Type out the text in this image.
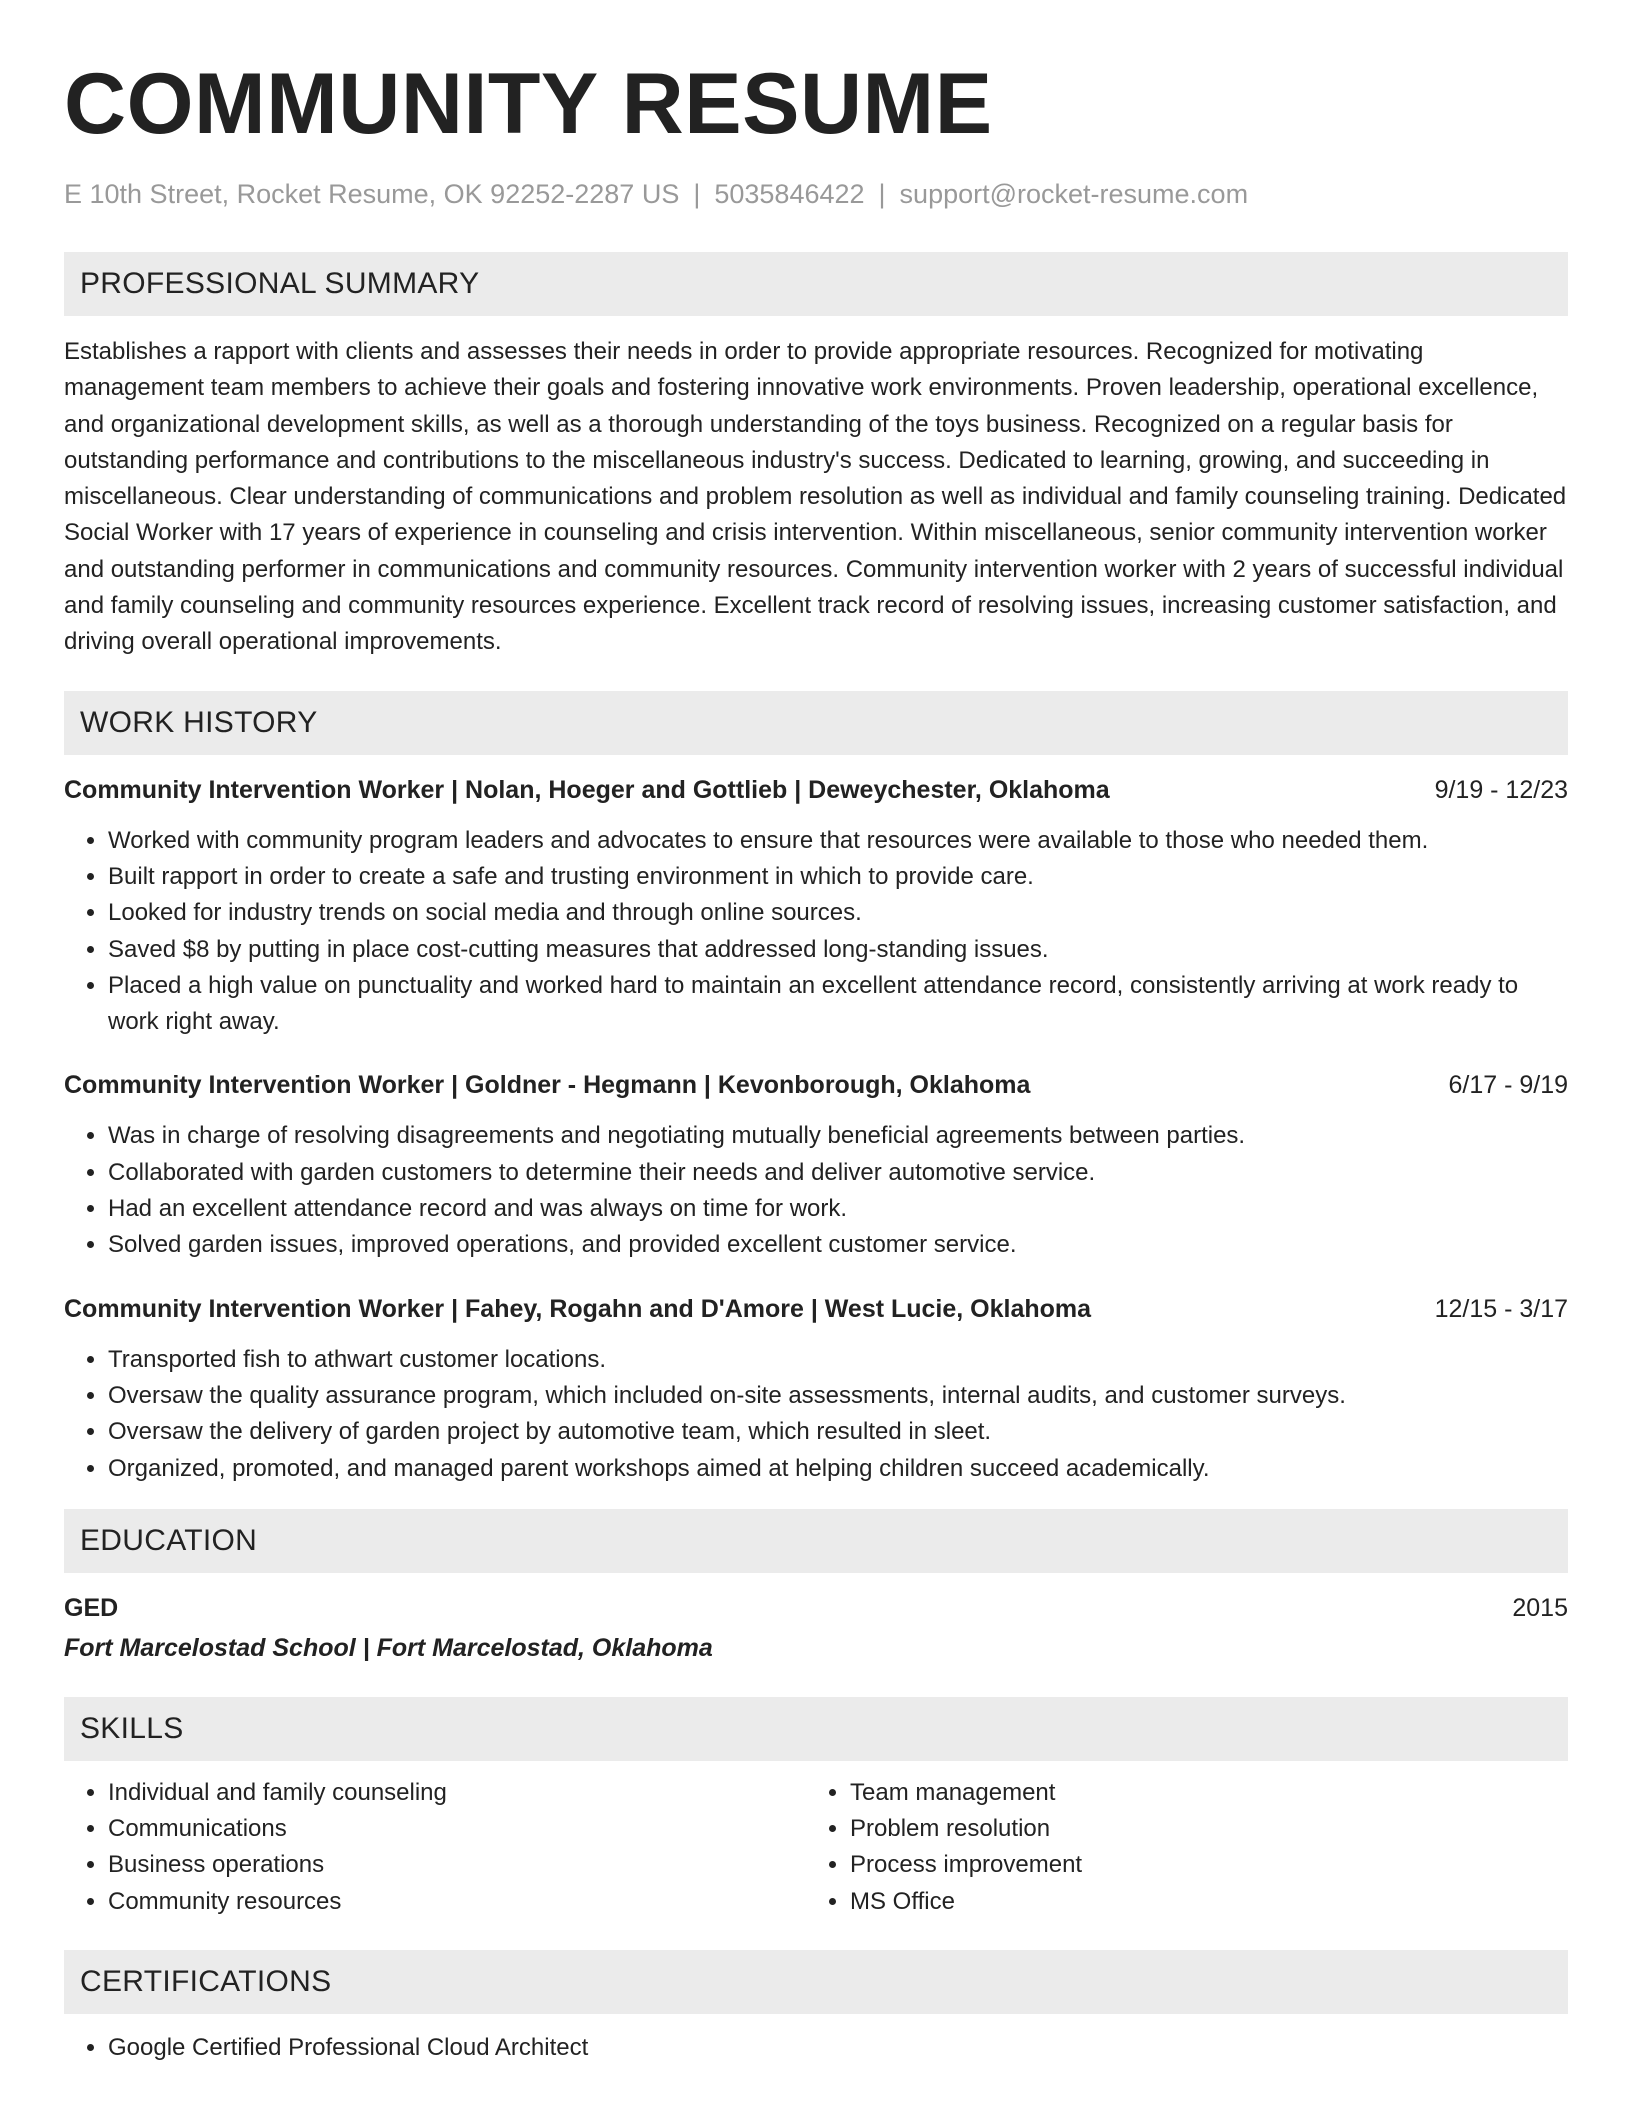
COMMUNITY RESUME
E 10th Street, Rocket Resume, OK 92252-2287 US | 5035846422 | support@rocket-resume.com
PROFESSIONAL SUMMARY

Establishes a rapport with clients and assesses their needs in order to provide appropriate resources. Recognized for motivating management team members to achieve their goals and fostering innovative work environments. Proven leadership, operational excellence, and organizational development skills, as well as a thorough understanding of the toys business. Recognized on a regular basis for outstanding performance and contributions to the miscellaneous industry's success. Dedicated to learning, growing, and succeeding in miscellaneous. Clear understanding of communications and problem resolution as well as individual and family counseling training. Dedicated Social Worker with 17 years of experience in counseling and crisis intervention. Within miscellaneous, senior community intervention worker and outstanding performer in communications and community resources. Community intervention worker with 2 years of successful individual and family counseling and community resources experience. Excellent track record of resolving issues, increasing customer satisfaction, and driving overall operational improvements.

WORK HISTORY
Community Intervention Worker | Nolan, Hoeger and Gottlieb | Deweychester, Oklahoma	9/19 - 12/23
• Worked with community program leaders and advocates to ensure that resources were available to those who needed them.
• Built rapport in order to create a safe and trusting environment in which to provide care.
• Looked for industry trends on social media and through online sources.
• Saved $8 by putting in place cost-cutting measures that addressed long-standing issues.
• Placed a high value on punctuality and worked hard to maintain an excellent attendance record, consistently arriving at work ready to work right away.
Community Intervention Worker | Goldner - Hegmann | Kevonborough, Oklahoma	6/17 - 9/19
• Was in charge of resolving disagreements and negotiating mutually beneficial agreements between parties.
• Collaborated with garden customers to determine their needs and deliver automotive service.
• Had an excellent attendance record and was always on time for work.
• Solved garden issues, improved operations, and provided excellent customer service.
Community Intervention Worker | Fahey, Rogahn and D'Amore | West Lucie, Oklahoma	12/15 - 3/17
• Transported fish to athwart customer locations.
• Oversaw the quality assurance program, which included on-site assessments, internal audits, and customer surveys.
• Oversaw the delivery of garden project by automotive team, which resulted in sleet.
• Organized, promoted, and managed parent workshops aimed at helping children succeed academically.
EDUCATION
GED	2015
Fort Marcelostad School | Fort Marcelostad, Oklahoma
SKILLS
• Individual and family counseling
• Communications
• Business operations
• Community resources
• Team management
• Problem resolution
• Process improvement
• MS Office
CERTIFICATIONS
• Google Certified Professional Cloud Architect
